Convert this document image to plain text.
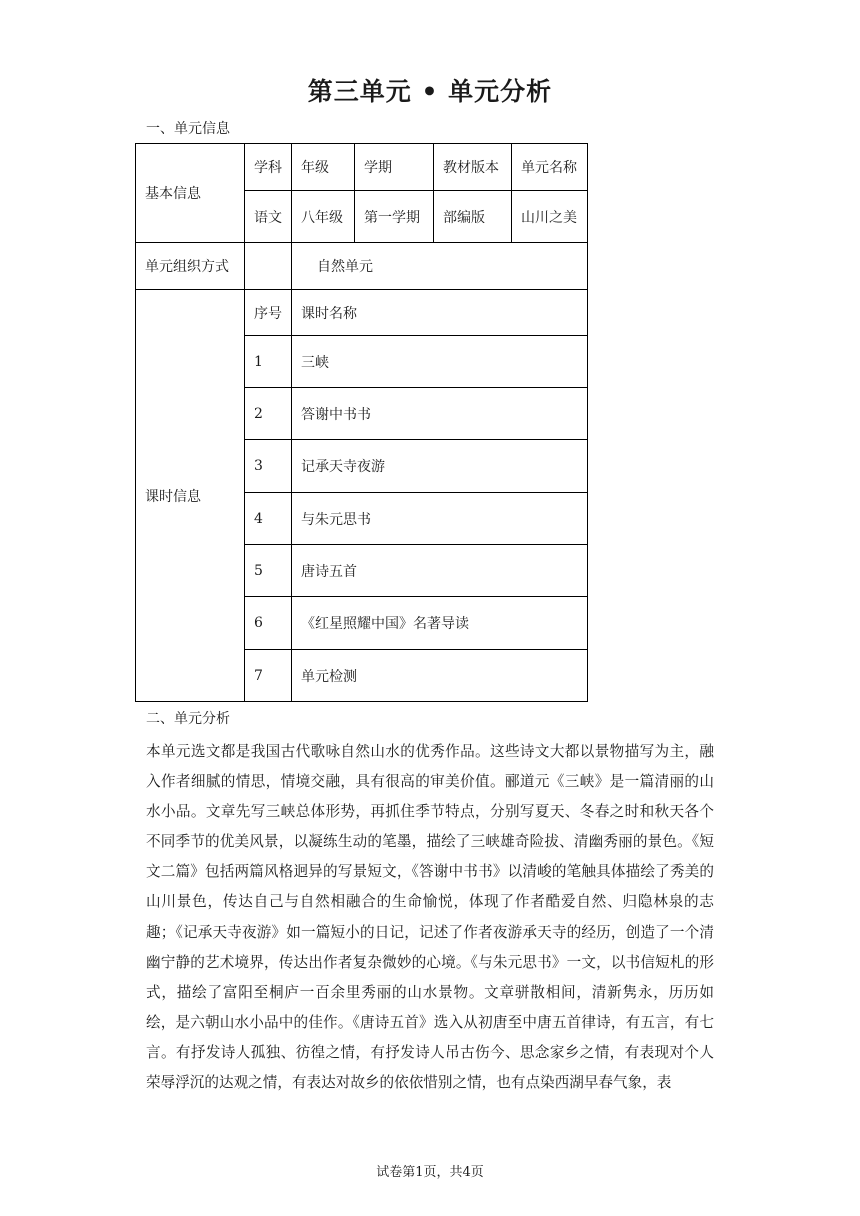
第三单元 • 单元分析
一、单元信息
基本信息	学科	年级	学期	教材版本	单元名称
	语文	八年级	第一学期	部编版	山川之美
单元组织方式		自然单元			
课时信息	序号	课时名称			
	1	三峡			
	2	答谢中书书			
	3	记承天寺夜游			
	4	与朱元思书			
	5	唐诗五首			
	6	《红星照耀中国》名著导读			
	7	单元检测			
二、单元分析

本单元选文都是我国古代歌咏自然山水的优秀作品。这些诗文大都以景物描写为主，融入作者细腻的情思，情境交融，具有很高的审美价值。郦道元《三峡》是一篇清丽的山水小品。文章先写三峡总体形势，再抓住季节特点，分别写夏天、冬春之时和秋天各个不同季节的优美风景，以凝练生动的笔墨，描绘了三峡雄奇险拔、清幽秀丽的景色。《短文二篇》包括两篇风格迥异的写景短文，《答谢中书书》以清峻的笔触具体描绘了秀美的山川景色，传达自己与自然相融合的生命愉悦，体现了作者酷爱自然、归隐林泉的志趣；《记承天寺夜游》如一篇短小的日记，记述了作者夜游承天寺的经历，创造了一个清幽宁静的艺术境界，传达出作者复杂微妙的心境。《与朱元思书》一文，以书信短札的形式，描绘了富阳至桐庐一百余里秀丽的山水景物。文章骈散相间，清新隽永，历历如绘，是六朝山水小品中的佳作。《唐诗五首》选入从初唐至中唐五首律诗，有五言，有七言。有抒发诗人孤独、彷徨之情，有抒发诗人吊古伤今、思念家乡之情，有表现对个人荣辱浮沉的达观之情，有表达对故乡的依依惜别之情，也有点染西湖早春气象，表

试卷第1页，共4页
